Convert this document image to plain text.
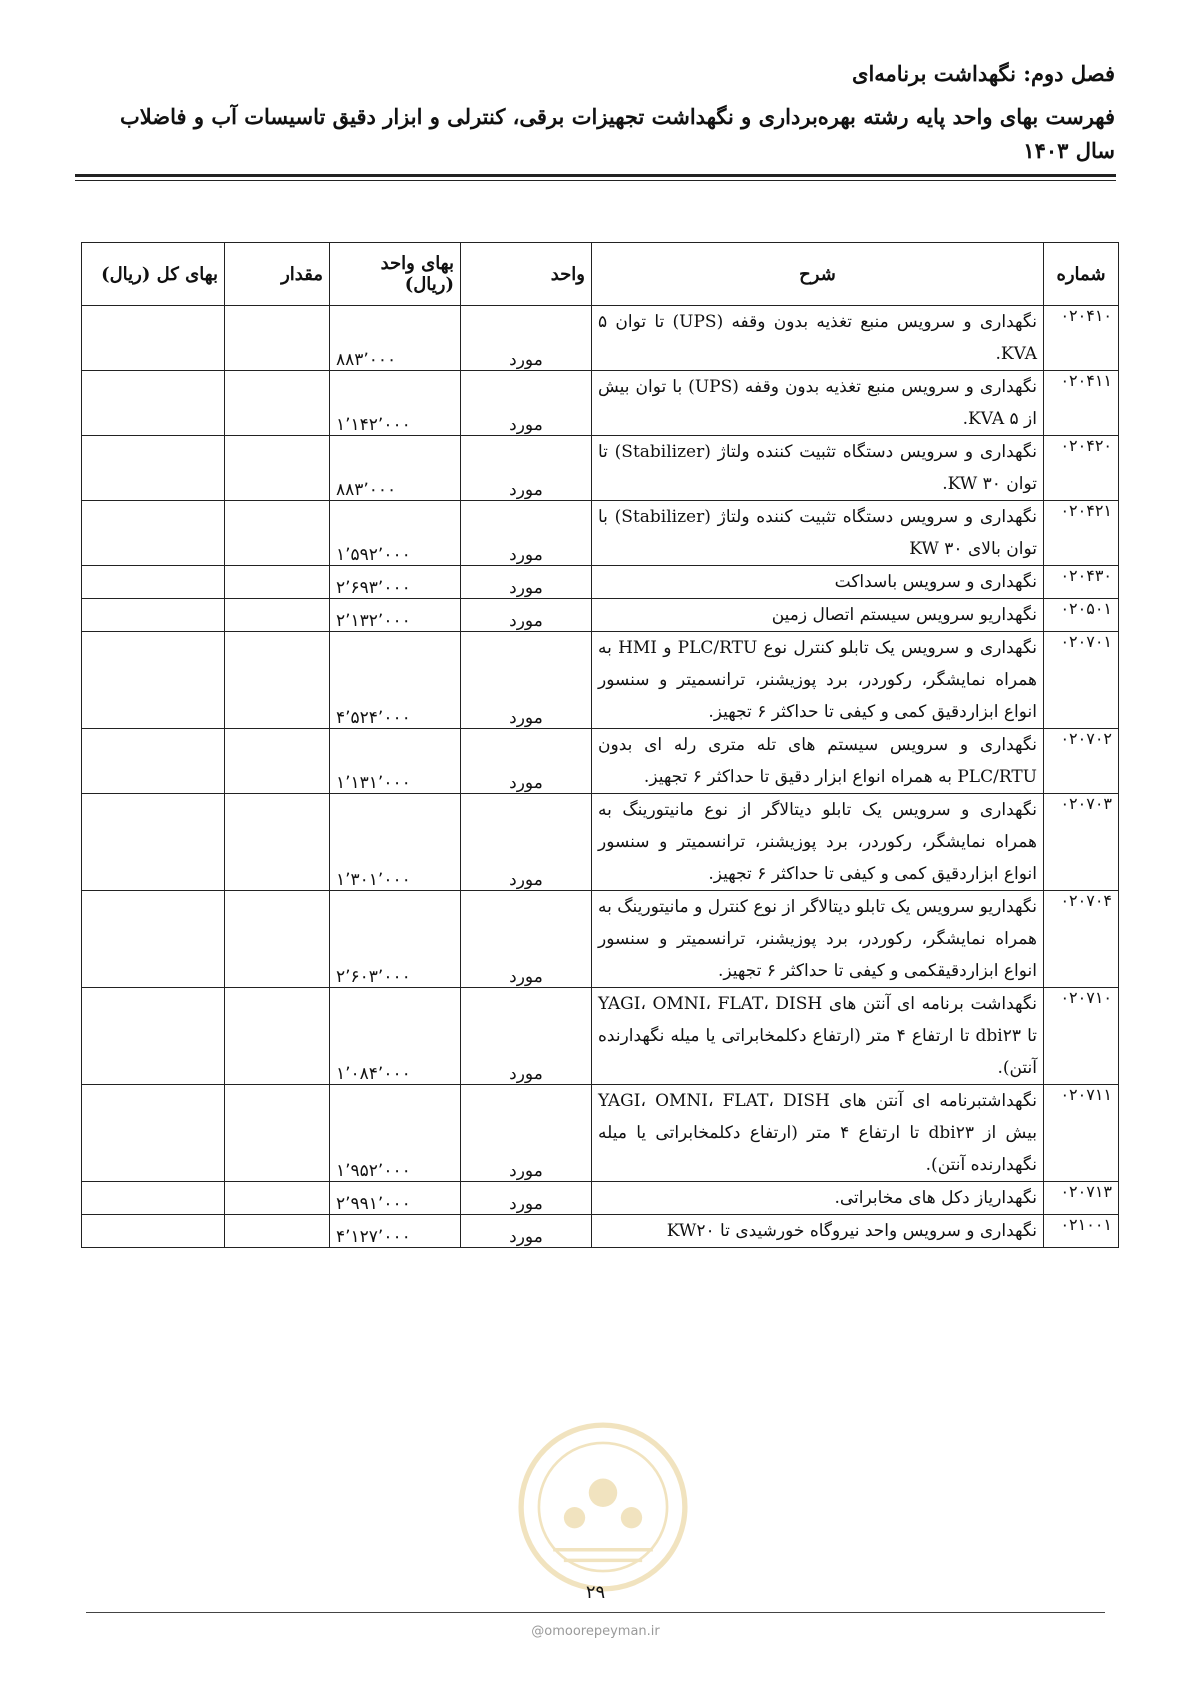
فصل دوم: نگهداشت برنامه‌ای
فهرست بهای واحد پایه رشته بهره‌برداری و نگهداشت تجهیزات برقی، کنترلی و ابزار دقیق تاسیسات آب و فاضلاب سال ۱۴۰۳
شماره	شرح	واحد	بهای واحد (ریال)	مقدار	بهای کل (ریال)
۰۲۰۴۱۰	نگهداری و سرویس منبع تغذیه بدون وقفه (UPS) تا توان ۵ KVA.	مورد	۸۸۳٬۰۰۰		
۰۲۰۴۱۱	نگهداری و سرویس منبع تغذیه بدون وقفه (UPS) با توان بیش از ۵ KVA.	مورد	۱٬۱۴۲٬۰۰۰		
۰۲۰۴۲۰	نگهداری و سرویس دستگاه تثبیت کننده ولتاژ (Stabilizer) تا توان ۳۰ KW.	مورد	۸۸۳٬۰۰۰		
۰۲۰۴۲۱	نگهداری و سرویس دستگاه تثبیت کننده ولتاژ (Stabilizer) با توان بالای ۳۰ KW	مورد	۱٬۵۹۲٬۰۰۰		
۰۲۰۴۳۰	نگهداری و سرویس باسداکت	مورد	۲٬۶۹۳٬۰۰۰		
۰۲۰۵۰۱	نگهداریو سرویس سیستم اتصال زمین	مورد	۲٬۱۳۲٬۰۰۰		
۰۲۰۷۰۱	نگهداری و سرویس یک تابلو کنترل نوع PLC/RTU و HMI به همراه نمایشگر، رکوردر، برد پوزیشنر، ترانسمیتر و سنسور انواع ابزاردقیق کمی و کیفی تا حداکثر ۶ تجهیز.	مورد	۴٬۵۲۴٬۰۰۰		
۰۲۰۷۰۲	نگهداری و سرویس سیستم های تله متری رله ای بدون PLC/RTU به همراه انواع ابزار دقیق تا حداکثر ۶ تجهیز.	مورد	۱٬۱۳۱٬۰۰۰		
۰۲۰۷۰۳	نگهداری و سرویس یک تابلو دیتالاگر از نوع مانیتورینگ به همراه نمایشگر، رکوردر، برد پوزیشنر، ترانسمیتر و سنسور انواع ابزاردقیق کمی و کیفی تا حداکثر ۶ تجهیز.	مورد	۱٬۳۰۱٬۰۰۰		
۰۲۰۷۰۴	نگهداریو سرویس یک تابلو دیتالاگر از نوع کنترل و مانیتورینگ به همراه نمایشگر، رکوردر، برد پوزیشنر، ترانسمیتر و سنسور انواع ابزاردقیقکمی و کیفی تا حداکثر ۶ تجهیز.	مورد	۲٬۶۰۳٬۰۰۰		
۰۲۰۷۱۰	نگهداشت برنامه ای آنتن های YAGI، OMNI، FLAT، DISH تا dbi۲۳ تا ارتفاع ۴ متر (ارتفاع دکلمخابراتی یا میله نگهدارنده آنتن).	مورد	۱٬۰۸۴٬۰۰۰		
۰۲۰۷۱۱	نگهداشتبرنامه ای آنتن های YAGI، OMNI، FLAT، DISH بیش از dbi۲۳ تا ارتفاع ۴ متر (ارتفاع دکلمخابراتی یا میله نگهدارنده آنتن).	مورد	۱٬۹۵۲٬۰۰۰		
۰۲۰۷۱۳	نگهداریاز دکل های مخابراتی.	مورد	۲٬۹۹۱٬۰۰۰		
۰۲۱۰۰۱	نگهداری و سرویس واحد نیروگاه خورشیدی تا KW۲۰	مورد	۴٬۱۲۷٬۰۰۰		
۲۹
@omoorepeyman.ir
